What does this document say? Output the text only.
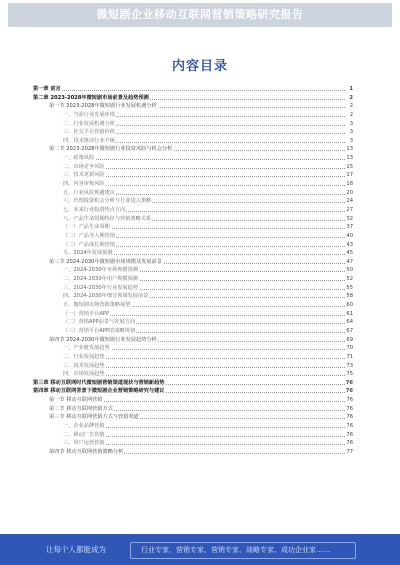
微短剧企业移动互联网营销策略研究报告
内容目录
第一章 前言	1
第二章 2023-2028年微短剧市场前景及趋势预测	2
第一节 2023-2028年微短剧行业发展机遇分析	2
一、当前行业发展环境	2
二、行业发展机遇分析	3
三、社交平台营销价值	3
四、技术推动行业升级	3
第二节 2023-2028年微短剧行业投资风险与机会分析	13
一、政策风险	13
二、市场竞争风险	15
三、技术更新风险	17
四、内容审核风险	18
五、行业风险规避建议	20
六、代理投资机会分析与行业进入策略	24
七、未来行业投资热点方向	27
八、产品生命周期特征与营销策略关系	32
（一）产品生命周期	37
（二）产品导入期营销	40
（三）产品成长期营销	43
九、2024年发展预测	45
第三节 2024-2030年微短剧市场规模及发展前景	47
一、2024-2030年市场规模预测	50
二、2024-2030年用户规模预测	52
三、2024-2030年行业发展趋势	55
四、2024-2030年细分领域发展前景	58
五、微短剧市场营销策略展望	60
（一）营销平台APP	61
（二）营销APP前景与发展方向	64
（三）营销平台APP的战略规划	67
第四节 2024-2030年微短剧行业发展趋势分析	69
一、产业链发展趋势	70
二、行业发展趋势	71
三、技术发展趋势	73
四、市场发展趋势	75
第三章 移动互联网时代微短剧营销渠道现状与营销新趋势	76
第四章 移动互联网背景下微短剧企业营销策略研究与建议	76
第一节 移动互联网营销	76
第二节 移动互联网营销方式	76
第三节 移动互联网营销方式与营销渠道	76
一、企业品牌营销	76
二、移动广告营销	76
三、用户运营营销	76
第四节 移动互联网营销策略分析	77
让每个人都能成为	行业专家、营销专家、营销专家、战略专家、成功企业家……
